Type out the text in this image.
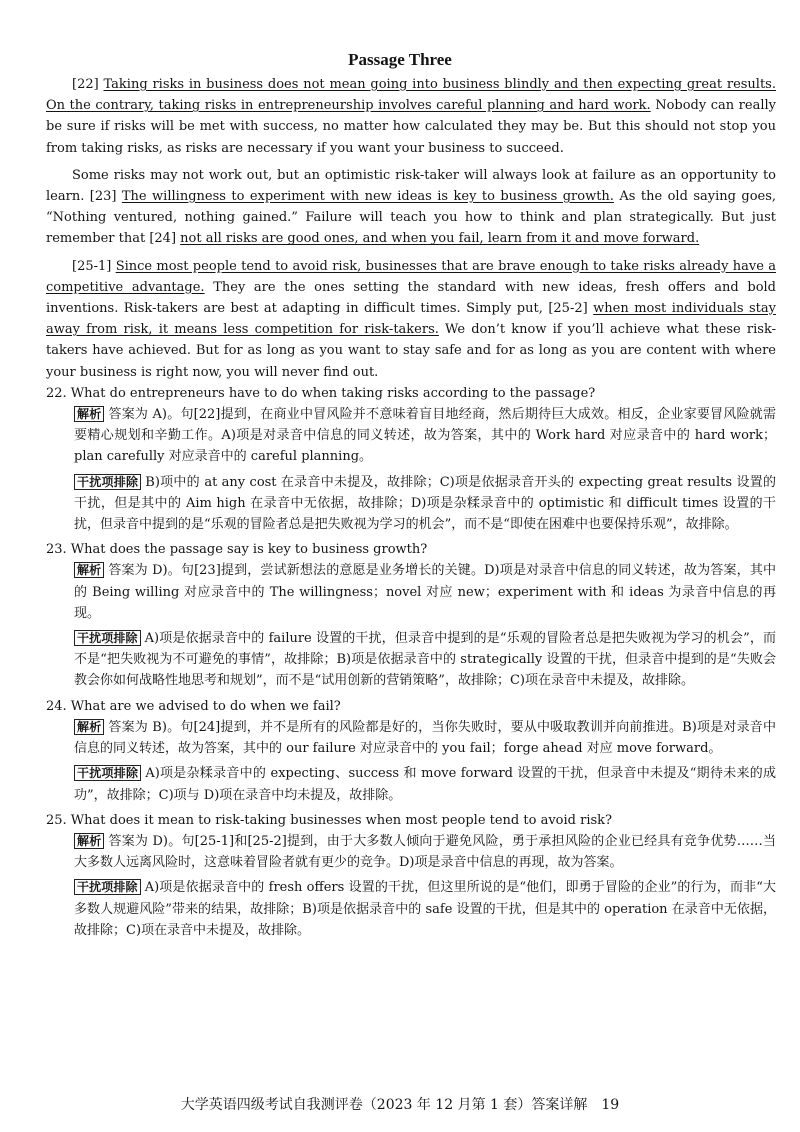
Passage Three

[22] Taking risks in business does not mean going into business blindly and then expecting great results. On the contrary, taking risks in entrepreneurship involves careful planning and hard work. Nobody can really be sure if risks will be met with success, no matter how calculated they may be. But this should not stop you from taking risks, as risks are necessary if you want your business to succeed.

Some risks may not work out, but an optimistic risk-taker will always look at failure as an opportunity to learn. [23] The willingness to experiment with new ideas is key to business growth. As the old saying goes, “Nothing ventured, nothing gained.” Failure will teach you how to think and plan strategically. But just remember that [24] not all risks are good ones, and when you fail, learn from it and move forward.

[25-1] Since most people tend to avoid risk, businesses that are brave enough to take risks already have a competitive advantage. They are the ones setting the standard with new ideas, fresh offers and bold inventions. Risk-takers are best at adapting in difficult times. Simply put, [25-2] when most individuals stay away from risk, it means less competition for risk-takers. We don’t know if you’ll achieve what these risk-takers have achieved. But for as long as you want to stay safe and for as long as you are content with where your business is right now, you will never find out.

22. What do entrepreneurs have to do when taking risks according to the passage?

解析 答案为 A)。句[22]提到，在商业中冒风险并不意味着盲目地经商，然后期待巨大成效。相反，企业家要冒风险就需要精心规划和辛勤工作。A)项是对录音中信息的同义转述，故为答案，其中的 Work hard 对应录音中的 hard work；plan carefully 对应录音中的 careful planning。

干扰项排除 B)项中的 at any cost 在录音中未提及，故排除；C)项是依据录音开头的 expecting great results 设置的干扰，但是其中的 Aim high 在录音中无依据，故排除；D)项是杂糅录音中的 optimistic 和 difficult times 设置的干扰，但录音中提到的是“乐观的冒险者总是把失败视为学习的机会”，而不是“即使在困难中也要保持乐观”，故排除。

23. What does the passage say is key to business growth?

解析 答案为 D)。句[23]提到，尝试新想法的意愿是业务增长的关键。D)项是对录音中信息的同义转述，故为答案，其中的 Being willing 对应录音中的 The willingness；novel 对应 new；experiment with 和 ideas 为录音中信息的再现。

干扰项排除 A)项是依据录音中的 failure 设置的干扰，但录音中提到的是“乐观的冒险者总是把失败视为学习的机会”，而不是“把失败视为不可避免的事情”，故排除；B)项是依据录音中的 strategically 设置的干扰，但录音中提到的是“失败会教会你如何战略性地思考和规划”，而不是“试用创新的营销策略”，故排除；C)项在录音中未提及，故排除。

24. What are we advised to do when we fail?

解析 答案为 B)。句[24]提到，并不是所有的风险都是好的，当你失败时，要从中吸取教训并向前推进。B)项是对录音中信息的同义转述，故为答案，其中的 our failure 对应录音中的 you fail；forge ahead 对应 move forward。

干扰项排除 A)项是杂糅录音中的 expecting、success 和 move forward 设置的干扰，但录音中未提及“期待未来的成功”，故排除；C)项与 D)项在录音中均未提及，故排除。

25. What does it mean to risk-taking businesses when most people tend to avoid risk?

解析 答案为 D)。句[25-1]和[25-2]提到，由于大多数人倾向于避免风险，勇于承担风险的企业已经具有竞争优势……当大多数人远离风险时，这意味着冒险者就有更少的竞争。D)项是录音中信息的再现，故为答案。

干扰项排除 A)项是依据录音中的 fresh offers 设置的干扰，但这里所说的是“他们，即勇于冒险的企业”的行为，而非“大多数人规避风险”带来的结果，故排除；B)项是依据录音中的 safe 设置的干扰，但是其中的 operation 在录音中无依据，故排除；C)项在录音中未提及，故排除。

大学英语四级考试自我测评卷（2023 年 12 月第 1 套）答案详解　19
